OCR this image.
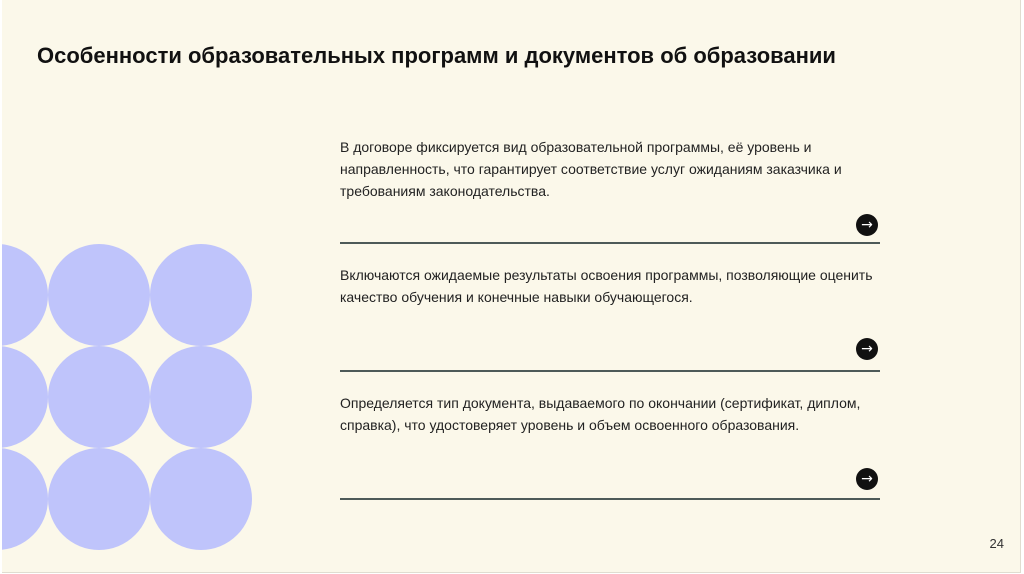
Особенности образовательных программ и документов об образовании

В договоре фиксируется вид образовательной программы, её уровень и направленность, что гарантирует соответствие услуг ожиданиям заказчика и требованиям законодательства.

→

Включаются ожидаемые результаты освоения программы, позволяющие оценить качество обучения и конечные навыки обучающегося.

→

Определяется тип документа, выдаваемого по окончании (сертификат, диплом, справка), что удостоверяет уровень и объем освоенного образования.

→
24
